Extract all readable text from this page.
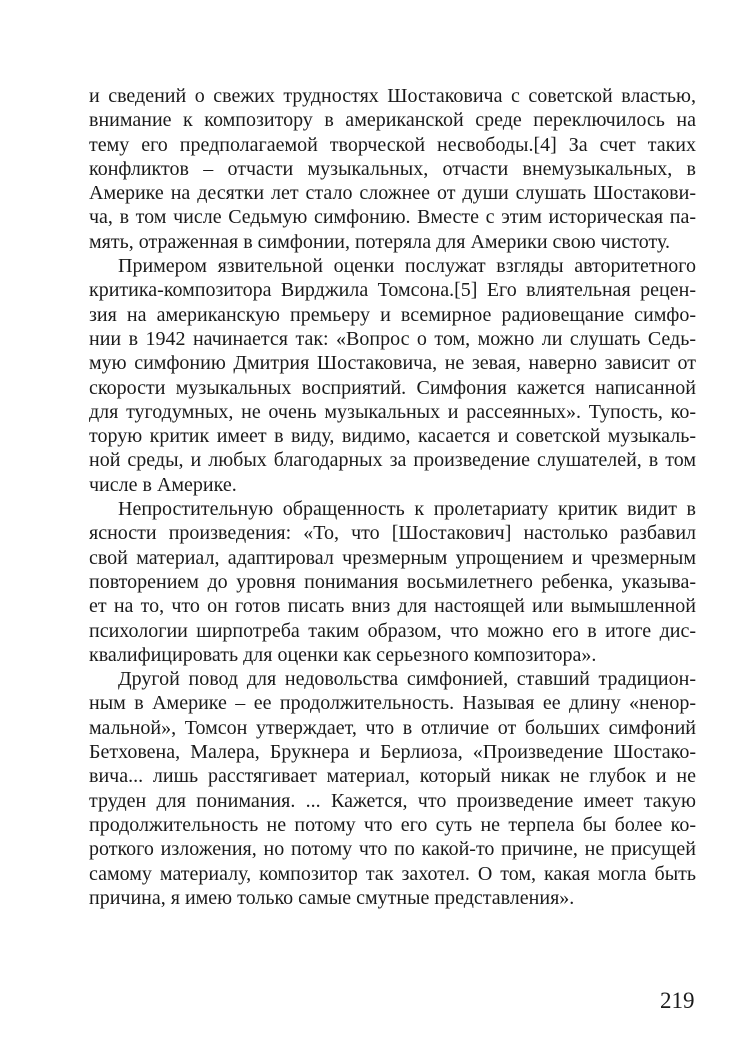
и сведений о свежих трудностях Шостаковича с советской властью,
внимание к композитору в американской среде переключилось на
тему его предполагаемой творческой несвободы.[4] За счет таких
конфликтов – отчасти музыкальных, отчасти внемузыкальных, в
Америке на десятки лет стало сложнее от души слушать Шостакови-
ча, в том числе Седьмую симфонию. Вместе с этим историческая па-
мять, отраженная в симфонии, потеряла для Америки свою чистоту.

Примером язвительной оценки послужат взгляды авторитетного
критика-композитора Вирджила Томсона.[5] Его влиятельная рецен-
зия на американскую премьеру и всемирное радиовещание симфо-
нии в 1942 начинается так: «Вопрос о том, можно ли слушать Седь-
мую симфонию Дмитрия Шостаковича, не зевая, наверно зависит от
скорости музыкальных восприятий. Симфония кажется написанной
для тугодумных, не очень музыкальных и рассеянных». Тупость, ко-
торую критик имеет в виду, видимо, касается и советской музыкаль-
ной среды, и любых благодарных за произведение слушателей, в том
числе в Америке.

Непростительную обращенность к пролетариату критик видит в
ясности произведения: «То, что [Шостакович] настолько разбавил
свой материал, адаптировал чрезмерным упрощением и чрезмерным
повторением до уровня понимания восьмилетнего ребенка, указыва-
ет на то, что он готов писать вниз для настоящей или вымышленной
психологии ширпотреба таким образом, что можно его в итоге дис-
квалифицировать для оценки как серьезного композитора».

Другой повод для недовольства симфонией, ставший традицион-
ным в Америке – ее продолжительность. Называя ее длину «ненор-
мальной», Томсон утверждает, что в отличие от больших симфоний
Бетховена, Малера, Брукнера и Берлиоза, «Произведение Шостако-
вича... лишь расстягивает материал, который никак не глубок и не
труден для понимания. ... Кажется, что произведение имеет такую
продолжительность не потому что его суть не терпела бы более ко-
роткого изложения, но потому что по какой-то причине, не присущей
самому материалу, композитор так захотел. О том, какая могла быть
причина, я имею только самые смутные представления».

219
